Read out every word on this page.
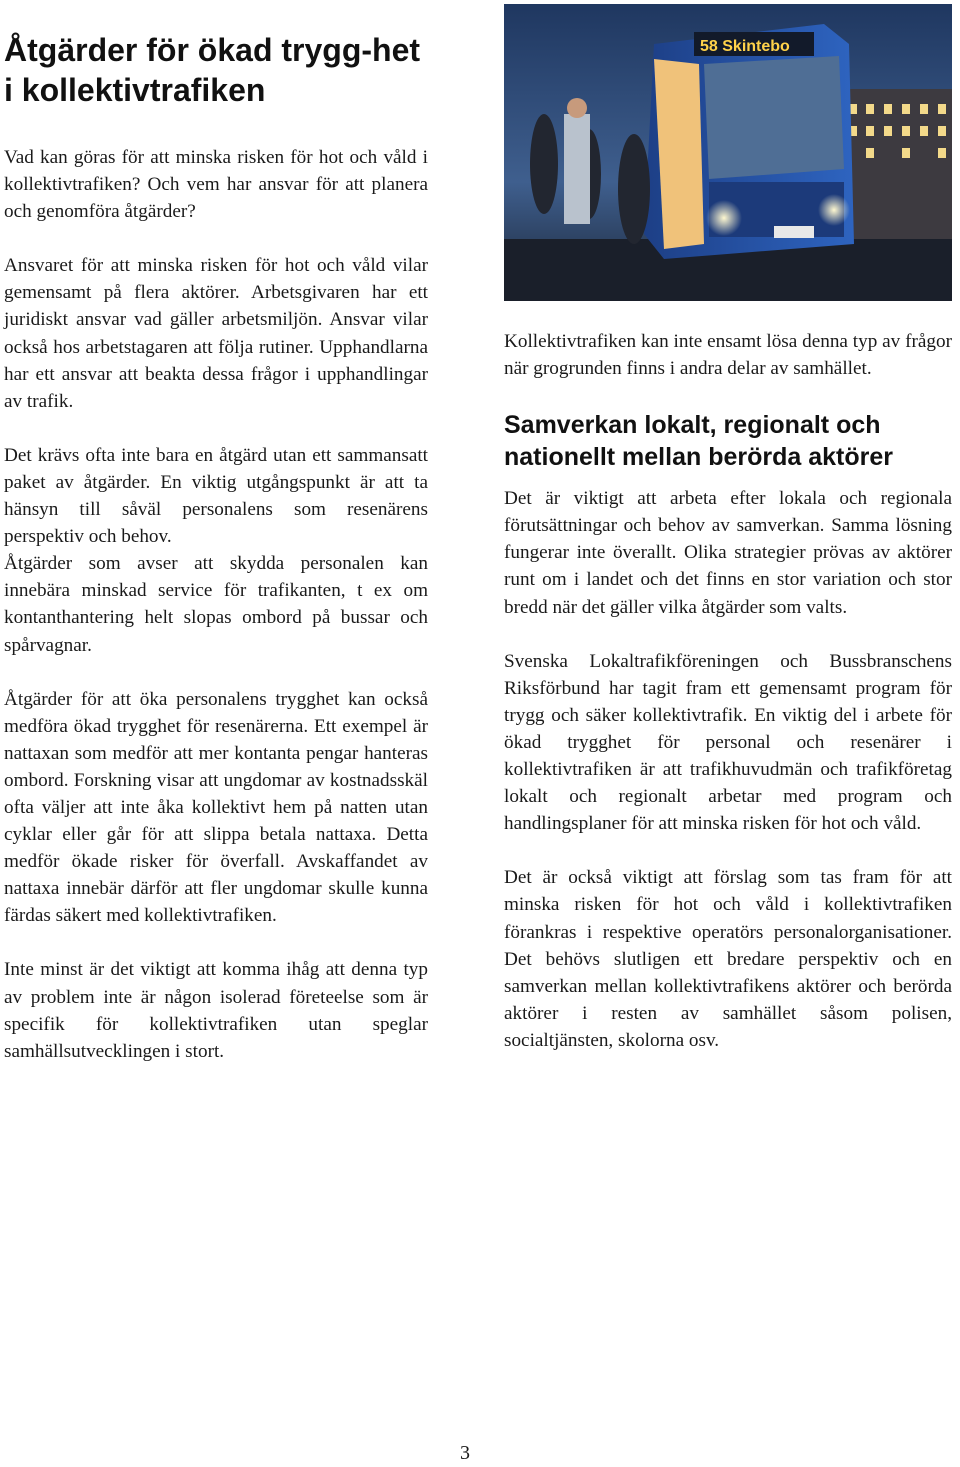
Åtgärder för ökad trygg-het i kollektivtrafiken

Vad kan göras för att minska risken för hot och våld i kollektivtrafiken? Och vem har ansvar för att planera och genomföra åtgärder?

Ansvaret för att minska risken för hot och våld vilar gemensamt på flera aktörer. Arbetsgivaren har ett juridiskt ansvar vad gäller arbetsmiljön. Ansvar vilar också hos arbetstagaren att följa rutiner. Upphandlarna har ett ansvar att beakta dessa frågor i upphandlingar av trafik.

Det krävs ofta inte bara en åtgärd utan ett sammansatt paket av åtgärder. En viktig utgångspunkt är att ta hänsyn till såväl personalens som resenärens perspektiv och behov.

Åtgärder som avser att skydda personalen kan innebära minskad service för trafikanten, t ex om kontanthantering helt slopas ombord på bussar och spårvagnar.

Åtgärder för att öka personalens trygghet kan också medföra ökad trygghet för resenärerna. Ett exempel är nattaxan som medför att mer kontanta pengar hanteras ombord. Forskning visar att ungdomar av kostnadsskäl ofta väljer att inte åka kollektivt hem på natten utan cyklar eller går för att slippa betala nattaxa. Detta medför ökade risker för överfall. Avskaffandet av nattaxa innebär därför att fler ungdomar skulle kunna färdas säkert med kollektivtrafiken.

Inte minst är det viktigt att komma ihåg att denna typ av problem inte är någon isolerad företeelse som är specifik för kollektivtrafiken utan speglar samhällsutvecklingen i stort.

58 Skintebo

Kollektivtrafiken kan inte ensamt lösa denna typ av frågor när grogrunden finns i andra delar av samhället.

Samverkan lokalt, regionalt och nationellt mellan berörda aktörer

Det är viktigt att arbeta efter lokala och regionala förutsättningar och behov av samverkan. Samma lösning fungerar inte överallt. Olika strategier prövas av aktörer runt om i landet och det finns en stor variation och stor bredd när det gäller vilka åtgärder som valts.

Svenska Lokaltrafikföreningen och Bussbranschens Riksförbund har tagit fram ett gemensamt program för trygg och säker kollektivtrafik. En viktig del i arbete för ökad trygghet för personal och resenärer i kollektivtrafiken är att trafikhuvudmän och trafikföretag lokalt och regionalt arbetar med program och handlingsplaner för att minska risken för hot och våld.

Det är också viktigt att förslag som tas fram för att minska risken för hot och våld i kollektivtrafiken förankras i respektive operatörs personalorganisationer. Det behövs slutligen ett bredare perspektiv och en samverkan mellan kollektivtrafikens aktörer och berörda aktörer i resten av samhället såsom polisen, socialtjänsten, skolorna osv.

3
